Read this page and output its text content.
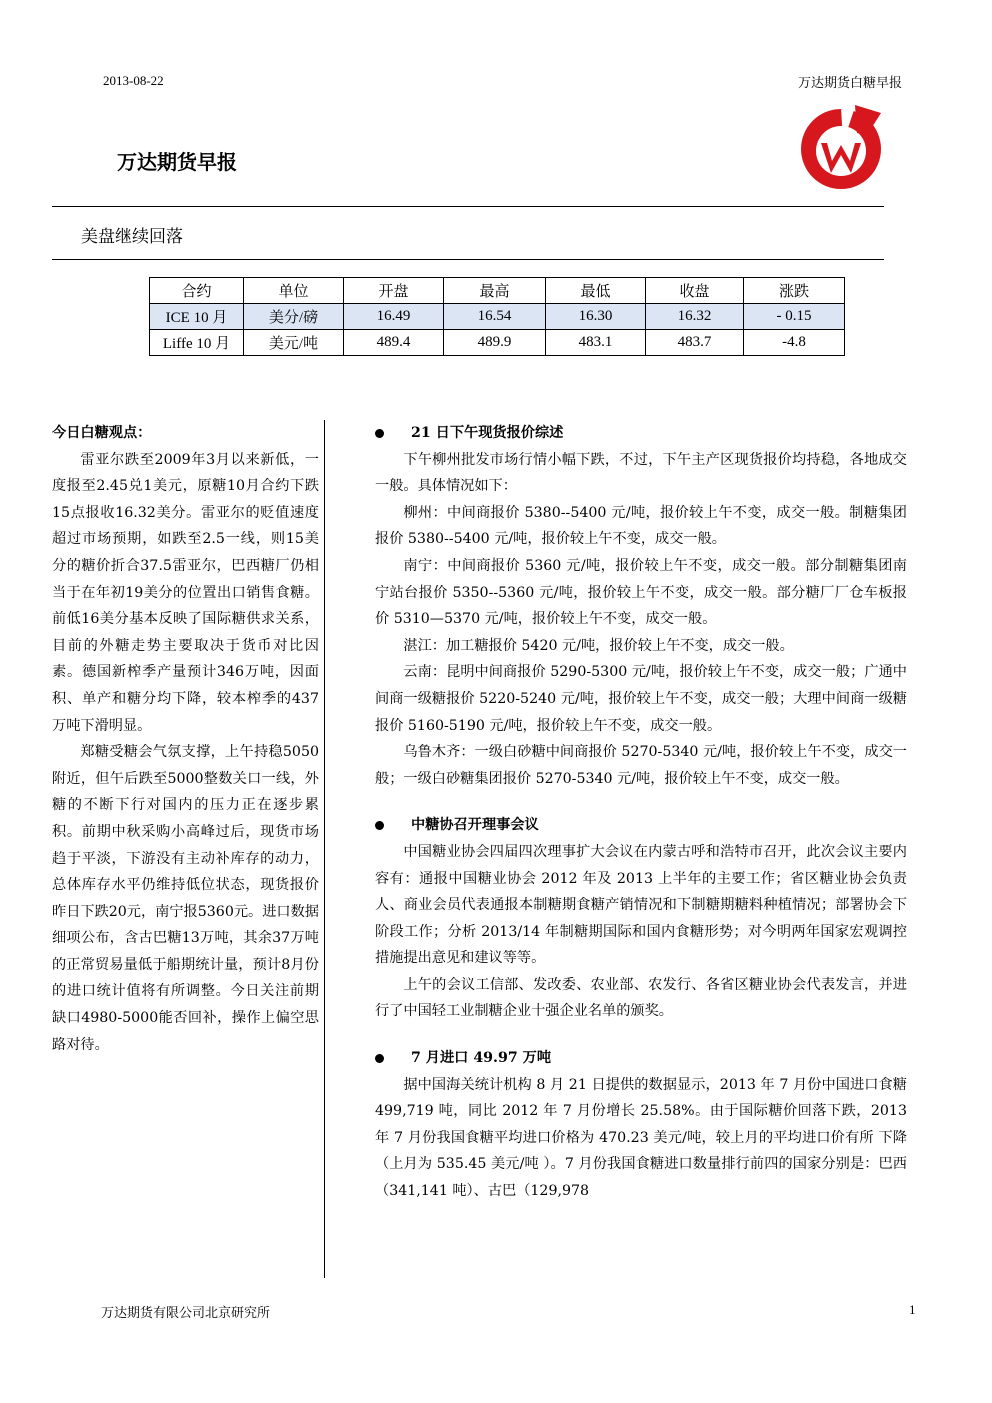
2013-08-22	万达期货白糖早报
万达期货早报
美盘继续回落
合约	单位	开盘	最高	最低	收盘	涨跌
ICE 10 月	美分/磅	16.49	16.54	16.30	16.32	- 0.15
Liffe 10 月	美元/吨	489.4	489.9	483.1	483.7	-4.8
今日白糖观点：

雷亚尔跌至2009年3月以来新低，一度报至2.45兑1美元，原糖10月合约下跌15点报收16.32美分。雷亚尔的贬值速度超过市场预期，如跌至2.5一线，则15美分的糖价折合37.5雷亚尔，巴西糖厂仍相当于在年初19美分的位置出口销售食糖。前低16美分基本反映了国际糖供求关系，目前的外糖走势主要取决于货币对比因素。德国新榨季产量预计346万吨，因面积、单产和糖分均下降，较本榨季的437万吨下滑明显。

郑糖受糖会气氛支撑，上午持稳5050附近，但午后跌至5000整数关口一线，外糖的不断下行对国内的压力正在逐步累积。前期中秋采购小高峰过后，现货市场趋于平淡，下游没有主动补库存的动力，总体库存水平仍维持低位状态，现货报价昨日下跌20元，南宁报5360元。进口数据细项公布，含古巴糖13万吨，其余37万吨的正常贸易量低于船期统计量，预计8月份的进口统计值将有所调整。今日关注前期缺口4980-5000能否回补，操作上偏空思路对待。

21 日下午现货报价综述

下午柳州批发市场行情小幅下跌，不过，下午主产区现货报价均持稳，各地成交一般。具体情况如下：

柳州：中间商报价 5380--5400 元/吨，报价较上午不变，成交一般。制糖集团报价 5380--5400 元/吨，报价较上午不变，成交一般。

南宁：中间商报价 5360 元/吨，报价较上午不变，成交一般。部分制糖集团南宁站台报价 5350--5360 元/吨，报价较上午不变，成交一般。部分糖厂厂仓车板报价 5310—5370 元/吨，报价较上午不变，成交一般。

湛江：加工糖报价 5420 元/吨，报价较上午不变，成交一般。

云南：昆明中间商报价 5290-5300 元/吨，报价较上午不变，成交一般；广通中间商一级糖报价 5220-5240 元/吨，报价较上午不变，成交一般；大理中间商一级糖报价 5160-5190 元/吨，报价较上午不变，成交一般。

乌鲁木齐：一级白砂糖中间商报价 5270-5340 元/吨，报价较上午不变，成交一般；一级白砂糖集团报价 5270-5340 元/吨，报价较上午不变，成交一般。

中糖协召开理事会议

中国糖业协会四届四次理事扩大会议在内蒙古呼和浩特市召开，此次会议主要内容有：通报中国糖业协会 2012 年及 2013 上半年的主要工作；省区糖业协会负责人、商业会员代表通报本制糖期食糖产销情况和下制糖期糖料种植情况；部署协会下阶段工作；分析 2013/14 年制糖期国际和国内食糖形势；对今明两年国家宏观调控措施提出意见和建议等等。

上午的会议工信部、发改委、农业部、农发行、各省区糖业协会代表发言，并进行了中国轻工业制糖企业十强企业名单的颁奖。

7 月进口 49.97 万吨

据中国海关统计机构 8 月 21 日提供的数据显示，2013 年 7 月份中国进口食糖 499,719 吨，同比 2012 年 7 月份增长 25.58%。由于国际糖价回落下跌，2013 年 7 月份我国食糖平均进口价格为 470.23 美元/吨，较上月的平均进口价有所 下降（上月为 535.45 美元/吨 ）。7 月份我国食糖进口数量排行前四的国家分别是：巴西（341,141 吨）、古巴（129,978

万达期货有限公司北京研究所	1
